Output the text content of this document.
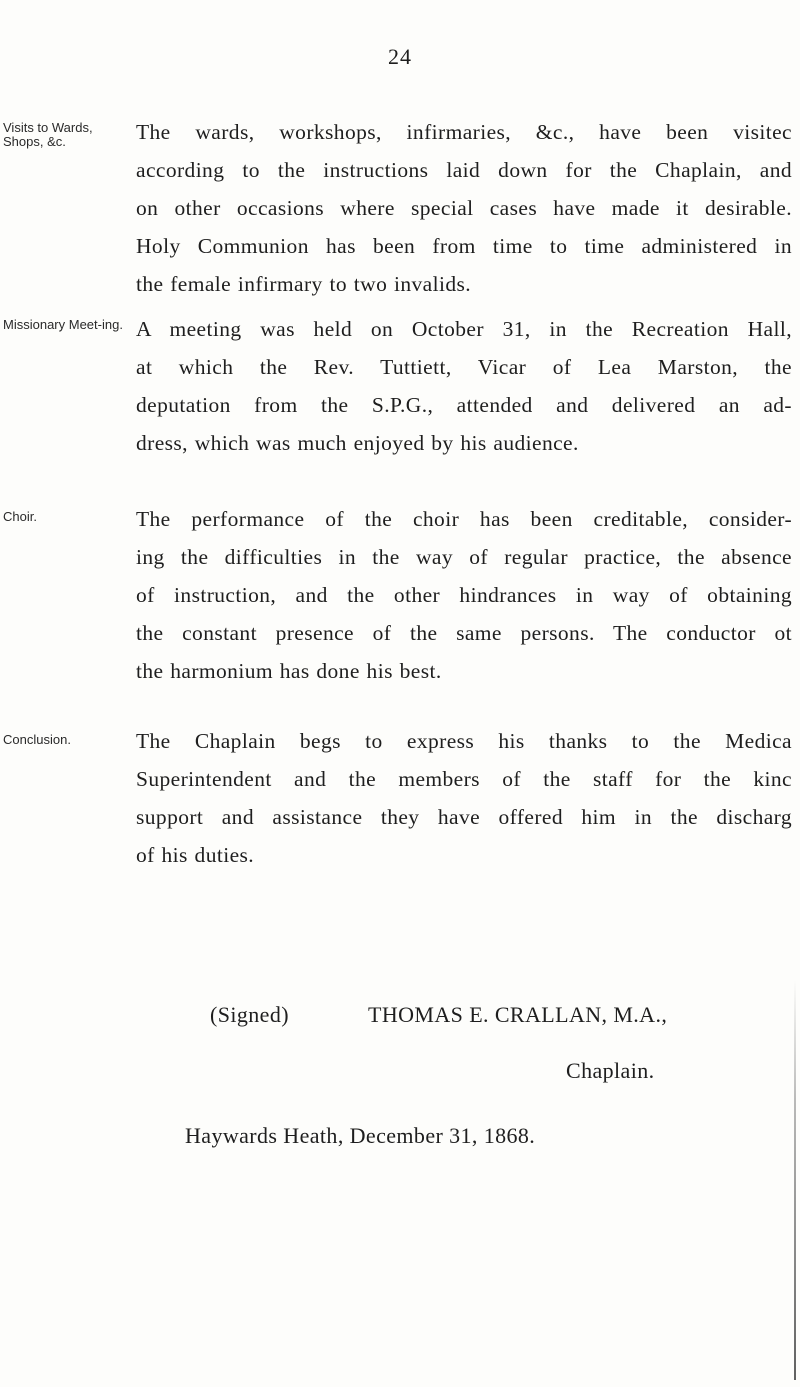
24
Visits to Wards, Shops, &c.	The wards, workshops, infirmaries, &c., have been visitec
according to the instructions laid down for the Chaplain, and
on other occasions where special cases have made it desirable.
Holy Communion has been from time to time administered in
the female infirmary to two invalids.
Missionary Meet-ing. A meeting was held on October 31, in the Recreation Hall,
at which the Rev. Tuttiett, Vicar of Lea Marston, the
deputation from the S.P.G., attended and delivered an ad-
dress, which was much enjoyed by his audience.
Choir.	The performance of the choir has been creditable, consider-
ing the difficulties in the way of regular practice, the absence
of instruction, and the other hindrances in way of obtaining
the constant presence of the same persons. The conductor ot
the harmonium has done his best.
Conclusion.	The Chaplain begs to express his thanks to the Medica
Superintendent and the members of the staff for the kinc
support and assistance they have offered him in the discharg
of his duties.
(Signed)	THOMAS E. CRALLAN, M.A.,
Chaplain.
Haywards Heath, December 31, 1868.
